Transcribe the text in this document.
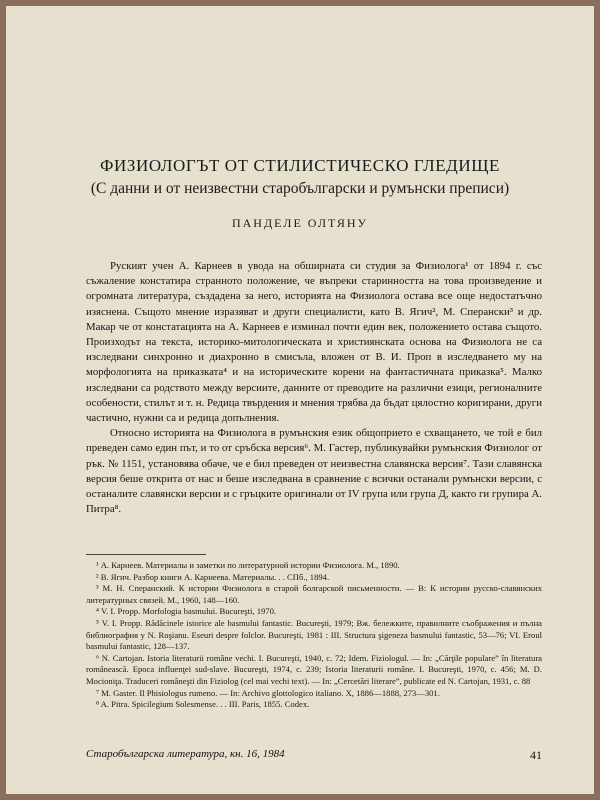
ФИЗИОЛОГЪТ ОТ СТИЛИСТИЧЕСКО ГЛЕДИЩЕ
(С данни и от неизвестни старобългарски и румънски преписи)
ПАНДЕЛЕ ОЛТЯНУ

Руският учен А. Карнеев в увода на обширната си студия за Физиолога¹ от 1894 г. със съжаление констатира странното положение, че въпреки старинността на това произведение и огромната литература, създадена за него, историята на Физиолога остава все още недостатъчно изяснена. Същото мнение изразяват и други специалисти, като В. Ягич², М. Сперански³ и др. Макар че от констатацията на А. Карнеев е изминал почти един век, положението остава същото. Произходът на текста, историко-митологическата и християнската основа на Физиолога не са изследвани синхронно и диахронно в смисъла, вложен от В. И. Проп в изследването му на морфологията на приказката⁴ и на историческите корени на фантастичната приказка⁵. Малко изследвани са родството между версиите, данните от преводите на различни езици, регионалните особености, стилът и т. н. Редица твърдения и мнения трябва да бъдат цялостно коригирани, други частично, нужни са и редица допълнения.

Относно историята на Физиолога в румънския език общоприето е схващането, че той е бил преведен само един път, и то от сръбска версия⁶. М. Гастер, публикувайки румънския Физиолог от рък. № 1151, установява обаче, че е бил преведен от неизвестна славянска версия⁷. Тази славянска версия беше открита от нас и беше изследвана в сравнение с всички останали румънски версии, с останалите славянски версии и с гръцките оригинали от IV група или група Д, както ги групира А. Питра⁸.

¹ А. Карнеев. Материалы и заметки по литературной истории Физиолога. М., 1890.
² В. Ягич. Разбор книги А. Карнеева. Материалы. . . СПб., 1894.
³ М. Н. Сперанский. К истории Физиолога в старой болгарской письменности. — В: К истории русско-славянских литературных связей. М., 1960, 148—160.
⁴ V. I. Propp. Morfologia basmului. Bucureşti, 1970.
⁵ V. I. Propp. Rădăcinele istorice ale basmului fantastic. Bucureşti, 1979; Вж. бележките, правилните съображения и пълна библиография у N. Roşianu. Eseuri despre folclor. Bucureşti, 1981 : III. Structura şigeneza basmului fantastic, 53—76; VI. Eroul basmului fantastic, 128—137.
⁶ N. Cartojan. Istoria literaturii române vechi. I. Bucureşti, 1940, с. 72; Idem. Fiziologul. — In: „Cărţile populare” în literatura românească. Epoca influenţei sud-slave. Bucureşti, 1974, с. 239; Istoria literaturii române. I. Bucureşti, 1970, с. 456; M. D. Mocioniţa. Traduceri româneşti din Fiziolog (cel mai vechi text). — In: „Cercetări literare”, publicate ed N. Cartojan, 1931, с. 88
⁷ M. Gaster. Il Phisiologus rumeno. — In: Archivo glottologico italiano. X, 1886—1888, 273—301.
⁸ A. Pitra. Spicilegium Solesmense. . . III. Paris, 1855. Codex.
Старобългарска литература, кн. 16, 1984	41
